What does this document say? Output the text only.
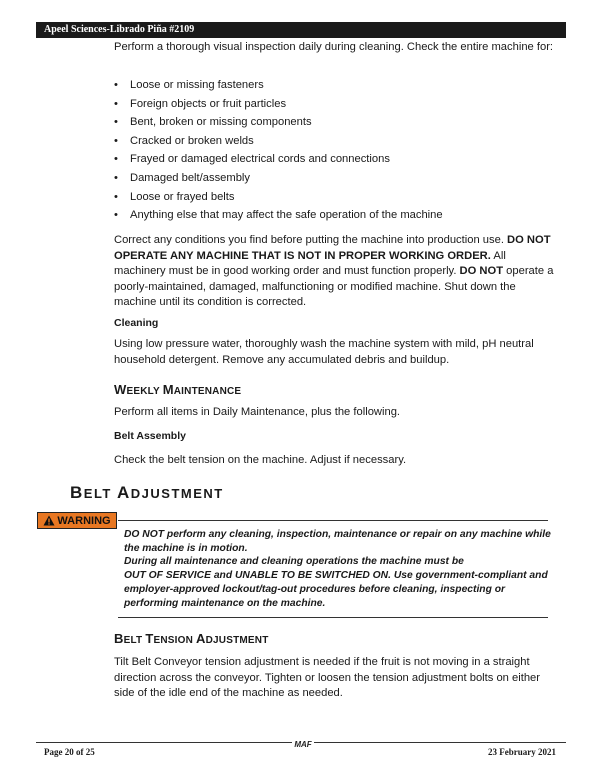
Apeel Sciences-Librado Piña #2109
Perform a thorough visual inspection daily during cleaning. Check the entire machine for:
• Loose or missing fasteners
• Foreign objects or fruit particles
• Bent, broken or missing components
• Cracked or broken welds
• Frayed or damaged electrical cords and connections
• Damaged belt/assembly
• Loose or frayed belts
• Anything else that may affect the safe operation of the machine
Correct any conditions you find before putting the machine into production use. DO NOT OPERATE ANY MACHINE THAT IS NOT IN PROPER WORKING ORDER. All machinery must be in good working order and must function properly. DO NOT operate a poorly-maintained, damaged, malfunctioning or modified machine. Shut down the machine until its condition is corrected.
Cleaning
Using low pressure water, thoroughly wash the machine system with mild, pH neutral household detergent. Remove any accumulated debris and buildup.
WEEKLY MAINTENANCE
Perform all items in Daily Maintenance, plus the following.
Belt Assembly
Check the belt tension on the machine. Adjust if necessary.
BELT ADJUSTMENT
WARNING
DO NOT perform any cleaning, inspection, maintenance or repair on any machine while the machine is in motion.
During all maintenance and cleaning operations the machine must be
OUT OF SERVICE and UNABLE TO BE SWITCHED ON. Use government-compliant and employer-approved lockout/tag-out procedures before cleaning, inspecting or performing maintenance on the machine.
BELT TENSION ADJUSTMENT
Tilt Belt Conveyor tension adjustment is needed if the fruit is not moving in a straight direction across the conveyor. Tighten or loosen the tension adjustment bolts on either side of the idle end of the machine as needed.
Page 20 of 25
MAF
23 February 2021
